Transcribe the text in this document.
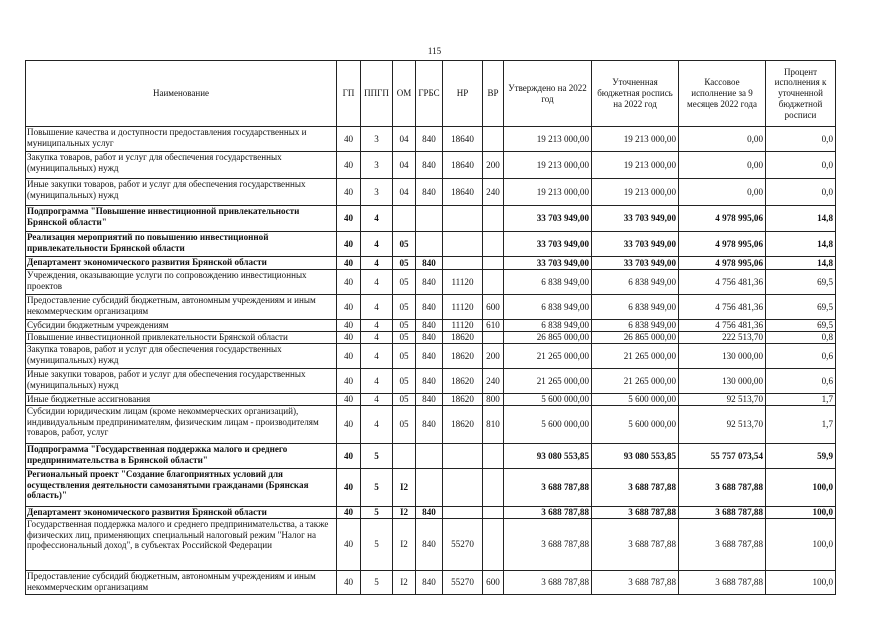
115
Наименование	ГП	ППГП	ОМ	ГРБС	НР	ВР	Утверждено на 2022 год	Уточненная бюджетная роспись на 2022 год	Кассовое исполнение за 9 месяцев 2022 года	Процент исполнения к уточненной бюджетной росписи
Повышение качества и доступности предоставления государственных и муниципальных услуг	40	3	04	840	18640		19 213 000,00	19 213 000,00	0,00	0,0
Закупка товаров, работ и услуг для обеспечения государственных (муниципальных) нужд	40	3	04	840	18640	200	19 213 000,00	19 213 000,00	0,00	0,0
Иные закупки товаров, работ и услуг для обеспечения государственных (муниципальных) нужд	40	3	04	840	18640	240	19 213 000,00	19 213 000,00	0,00	0,0
Подпрограмма "Повышение инвестиционной привлекательности Брянской области"	40	4					33 703 949,00	33 703 949,00	4 978 995,06	14,8
Реализация мероприятий по повышению инвестиционной привлекательности Брянской области	40	4	05				33 703 949,00	33 703 949,00	4 978 995,06	14,8
Департамент экономического развития Брянской области	40	4	05	840			33 703 949,00	33 703 949,00	4 978 995,06	14,8
Учреждения, оказывающие услуги по сопровождению инвестиционных проектов	40	4	05	840	11120		6 838 949,00	6 838 949,00	4 756 481,36	69,5
Предоставление субсидий бюджетным, автономным учреждениям и иным некоммерческим организациям	40	4	05	840	11120	600	6 838 949,00	6 838 949,00	4 756 481,36	69,5
Субсидии бюджетным учреждениям	40	4	05	840	11120	610	6 838 949,00	6 838 949,00	4 756 481,36	69,5
Повышение инвестиционной привлекательности Брянской области	40	4	05	840	18620		26 865 000,00	26 865 000,00	222 513,70	0,8
Закупка товаров, работ и услуг для обеспечения государственных (муниципальных) нужд	40	4	05	840	18620	200	21 265 000,00	21 265 000,00	130 000,00	0,6
Иные закупки товаров, работ и услуг для обеспечения государственных (муниципальных) нужд	40	4	05	840	18620	240	21 265 000,00	21 265 000,00	130 000,00	0,6
Иные бюджетные ассигнования	40	4	05	840	18620	800	5 600 000,00	5 600 000,00	92 513,70	1,7
Субсидии юридическим лицам (кроме некоммерческих организаций), индивидуальным предпринимателям, физическим лицам - производителям товаров, работ, услуг	40	4	05	840	18620	810	5 600 000,00	5 600 000,00	92 513,70	1,7
Подпрограмма "Государственная поддержка малого и среднего предпринимательства в Брянской области"	40	5					93 080 553,85	93 080 553,85	55 757 073,54	59,9
Региональный проект "Создание благоприятных условий для осуществления деятельности самозанятыми гражданами (Брянская область)"	40	5	I2				3 688 787,88	3 688 787,88	3 688 787,88	100,0
Департамент экономического развития Брянской области	40	5	I2	840			3 688 787,88	3 688 787,88	3 688 787,88	100,0
Государственная поддержка малого и среднего предпринимательства, а также физических лиц, применяющих специальный налоговый режим "Налог на профессиональный доход", в субъектах Российской Федерации	40	5	I2	840	55270		3 688 787,88	3 688 787,88	3 688 787,88	100,0
Предоставление субсидий бюджетным, автономным учреждениям и иным некоммерческим организациям	40	5	I2	840	55270	600	3 688 787,88	3 688 787,88	3 688 787,88	100,0
